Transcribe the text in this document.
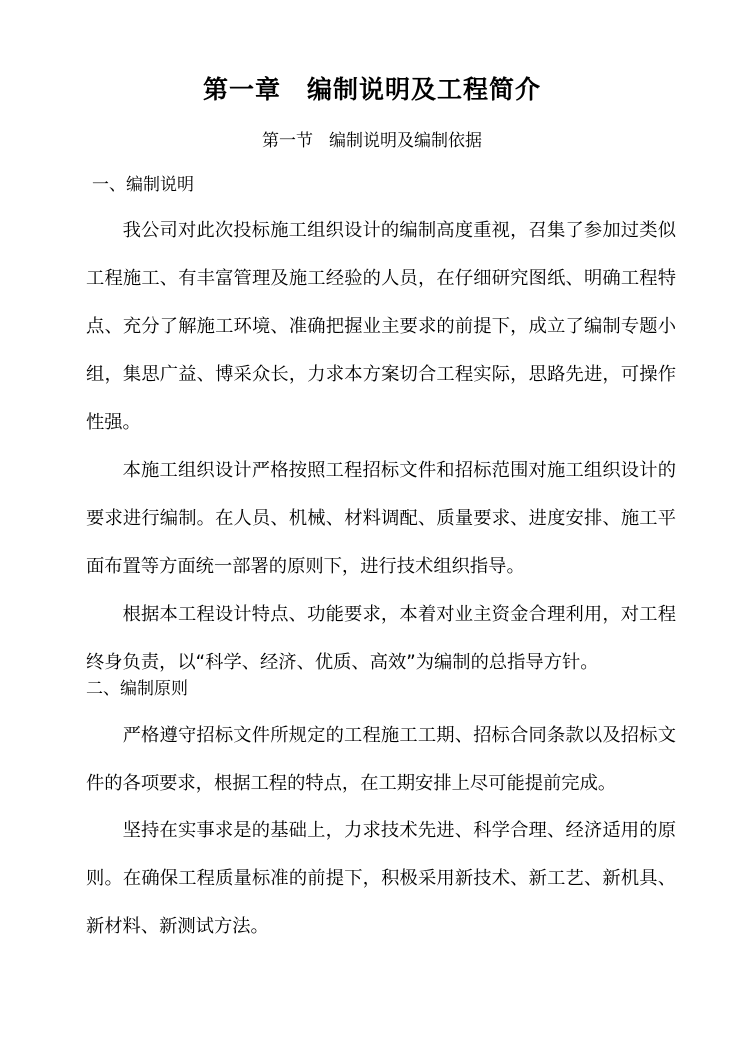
第一章 编制说明及工程简介
第一节 编制说明及编制依据
一、编制说明
我公司对此次投标施工组织设计的编制高度重视，召集了参加过类似工程施工、有丰富管理及施工经验的人员，在仔细研究图纸、明确工程特点、充分了解施工环境、准确把握业主要求的前提下，成立了编制专题小组，集思广益、博采众长，力求本方案切合工程实际，思路先进，可操作性强。
本施工组织设计严格按照工程招标文件和招标范围对施工组织设计的要求进行编制。在人员、机械、材料调配、质量要求、进度安排、施工平面布置等方面统一部署的原则下，进行技术组织指导。
根据本工程设计特点、功能要求，本着对业主资金合理利用，对工程终身负责，以“科学、经济、优质、高效”为编制的总指导方针。
二、编制原则
严格遵守招标文件所规定的工程施工工期、招标合同条款以及招标文件的各项要求，根据工程的特点，在工期安排上尽可能提前完成。
坚持在实事求是的基础上，力求技术先进、科学合理、经济适用的原则。在确保工程质量标准的前提下，积极采用新技术、新工艺、新机具、新材料、新测试方法。
